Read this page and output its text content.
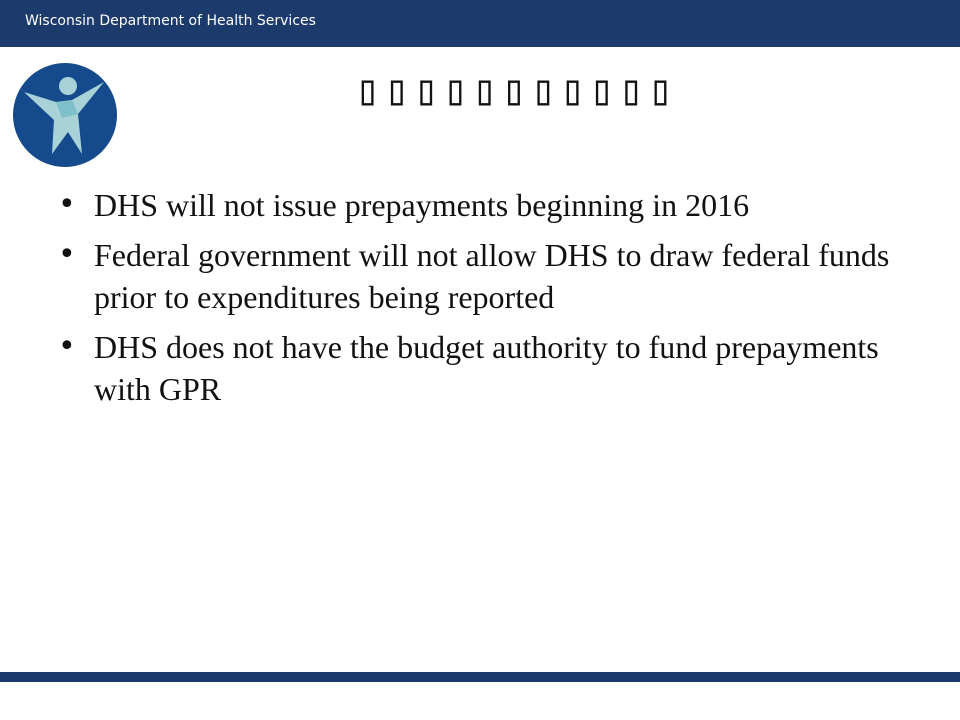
Wisconsin Department of Health Services
▯▯▯▯▯▯▯▯▯▯▯
• DHS will not issue prepayments beginning in 2016
• Federal government will not allow DHS to draw federal funds prior to expenditures being reported
• DHS does not have the budget authority to fund prepayments with GPR
